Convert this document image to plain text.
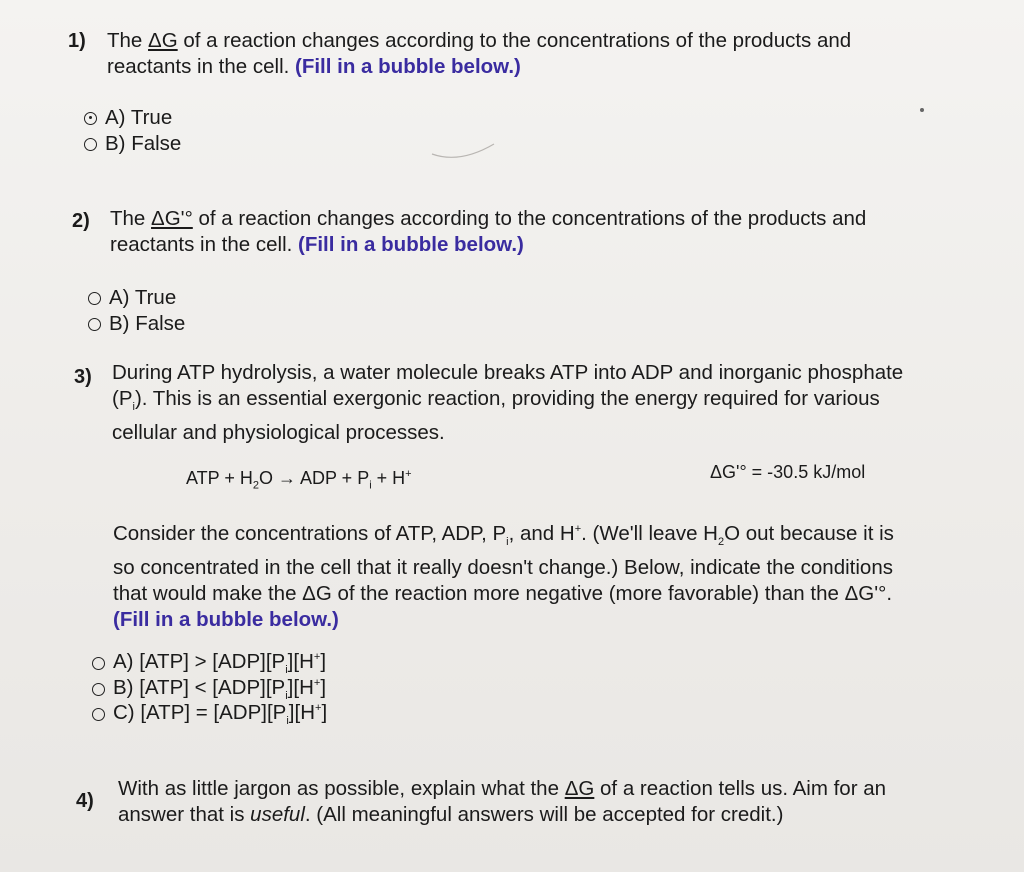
1) The ΔG of a reaction changes according to the concentrations of the products and
reactants in the cell. (Fill in a bubble below.)
A) True
B) False
2) The ΔG'° of a reaction changes according to the concentrations of the products and
reactants in the cell. (Fill in a bubble below.)
A) True
B) False
3) During ATP hydrolysis, a water molecule breaks ATP into ADP and inorganic phosphate
$(P_i)$. This is an essential exergonic reaction, providing the energy required for various
cellular and physiological processes.
ATP + $H_2O$ → ADP + $P_i + H^+$	ΔG'° = -30.5 kJ/mol
Consider the concentrations of ATP, ADP, $P_i$, and H+. (We'll leave $H_2O$ out because it is
so concentrated in the cell that it really doesn't change.) Below, indicate the conditions
that would make the ΔG of the reaction more negative (more favorable) than the ΔG'°.
(Fill in a bubble below.)
A) $[ATP] > [ADP][P_i][H^+]$
B) $[ATP] < [ADP][P_i][H^+]$
C) $[ATP] = [ADP][P_i][H^+]$
4)
With as little jargon as possible, explain what the ΔG of a reaction tells us. Aim for an
answer that is useful. (All meaningful answers will be accepted for credit.)
